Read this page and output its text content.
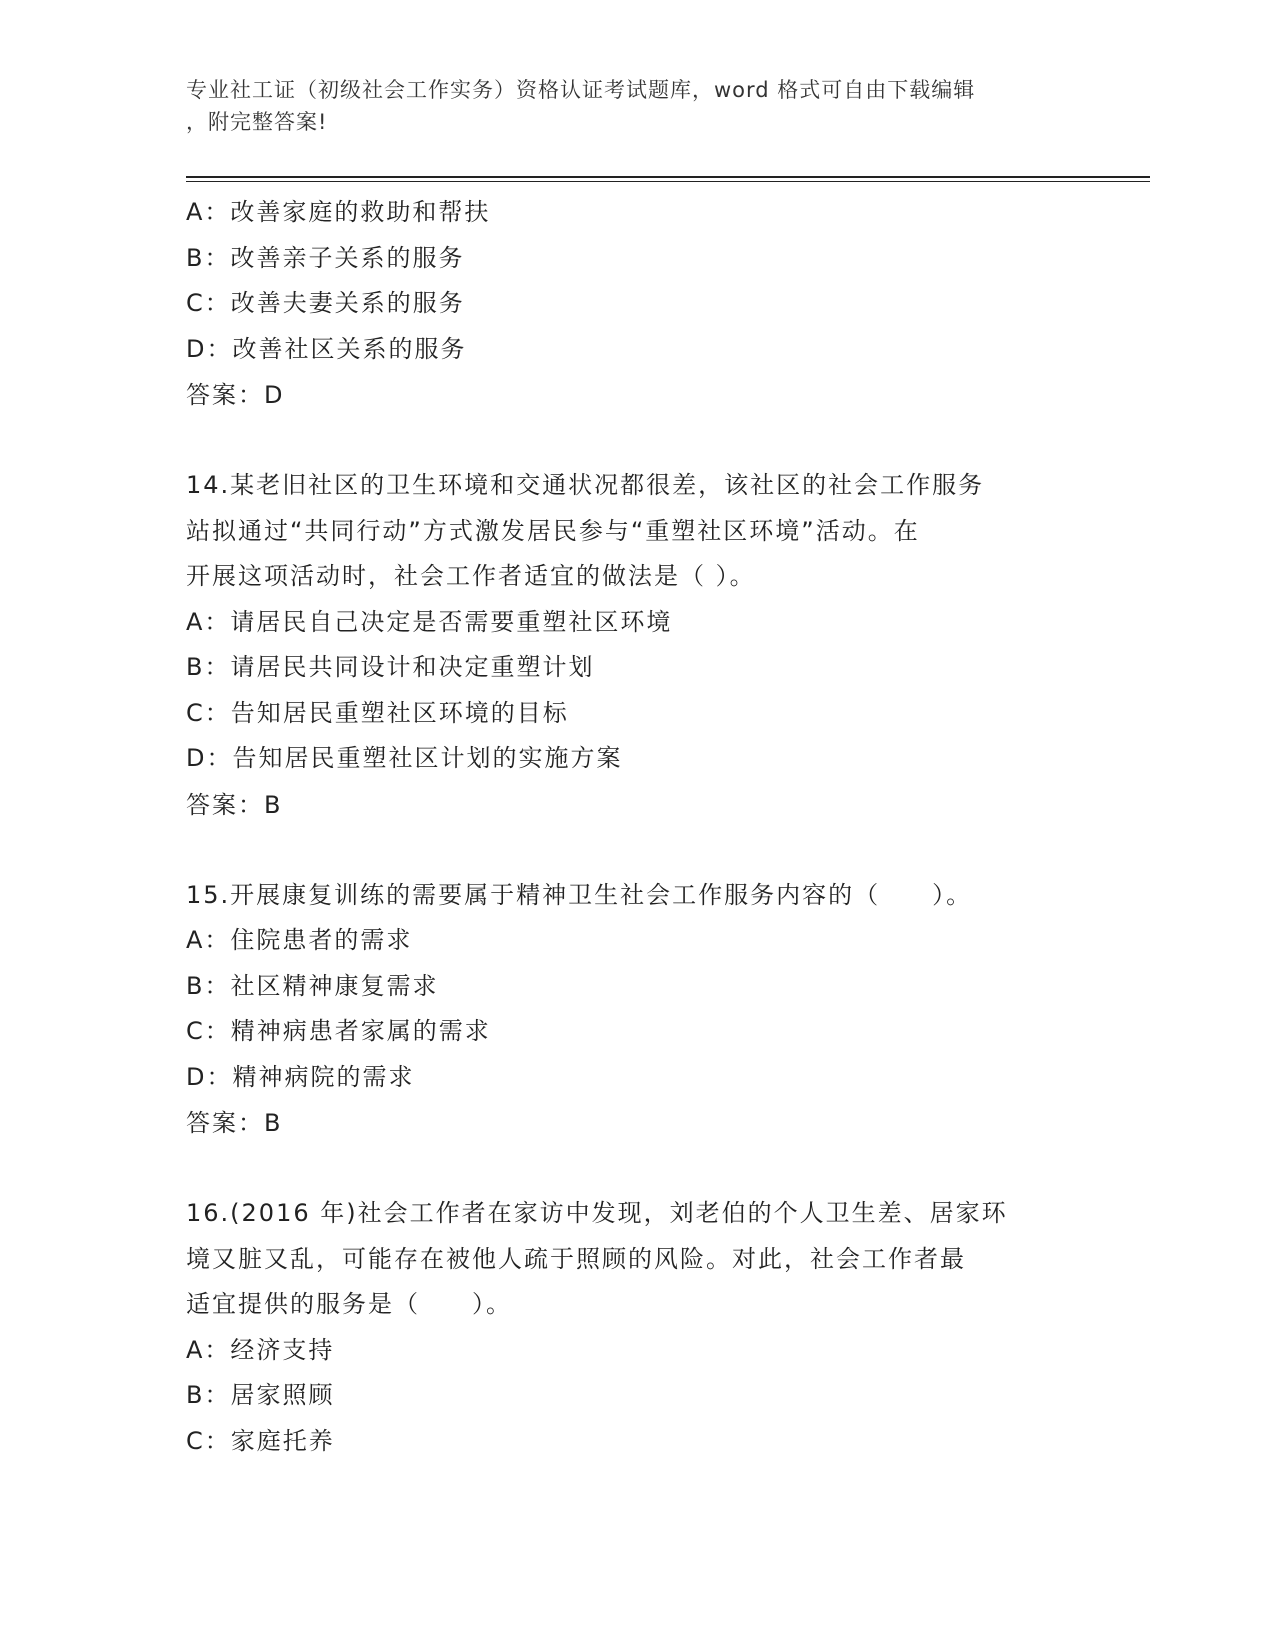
专业社工证（初级社会工作实务）资格认证考试题库，word 格式可自由下载编辑
，附完整答案!
A：改善家庭的救助和帮扶
B：改善亲子关系的服务
C：改善夫妻关系的服务
D：改善社区关系的服务
答案：D
14.某老旧社区的卫生环境和交通状况都很差，该社区的社会工作服务
站拟通过“共同行动”方式激发居民参与“重塑社区环境”活动。在
开展这项活动时，社会工作者适宜的做法是（ ）。
A：请居民自己决定是否需要重塑社区环境
B：请居民共同设计和决定重塑计划
C：告知居民重塑社区环境的目标
D：告知居民重塑社区计划的实施方案
答案：B
15.开展康复训练的需要属于精神卫生社会工作服务内容的（　　）。
A：住院患者的需求
B：社区精神康复需求
C：精神病患者家属的需求
D：精神病院的需求
答案：B
16.(2016 年)社会工作者在家访中发现，刘老伯的个人卫生差、居家环
境又脏又乱，可能存在被他人疏于照顾的风险。对此，社会工作者最
适宜提供的服务是（　　）。
A：经济支持
B：居家照顾
C：家庭托养
